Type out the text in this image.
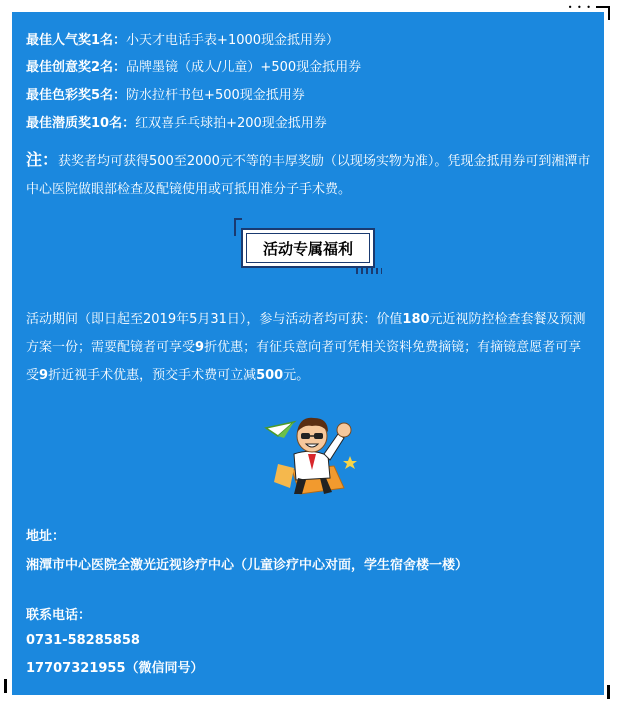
• • •
最佳人气奖1名：小天才电话手表+1000现金抵用券）
最佳创意奖2名：品牌墨镜（成人/儿童）+500现金抵用券
最佳色彩奖5名：防水拉杆书包+500现金抵用券
最佳潜质奖10名：红双喜乒乓球拍+200现金抵用券
注：获奖者均可获得500至2000元不等的丰厚奖励（以现场实物为准）。凭现金抵用券可到湘潭市中心医院做眼部检查及配镜使用或可抵用准分子手术费。
活动专属福利
活动期间（即日起至2019年5月31日），参与活动者均可获：价值180元近视防控检查套餐及预测方案一份；需要配镜者可享受9折优惠；有征兵意向者可凭相关资料免费摘镜；有摘镜意愿者可享受9折近视手术优惠，预交手术费可立减500元。
地址：
湘潭市中心医院全激光近视诊疗中心（儿童诊疗中心对面，学生宿舍楼一楼）
联系电话：
0731-58285858
17707321955（微信同号）
